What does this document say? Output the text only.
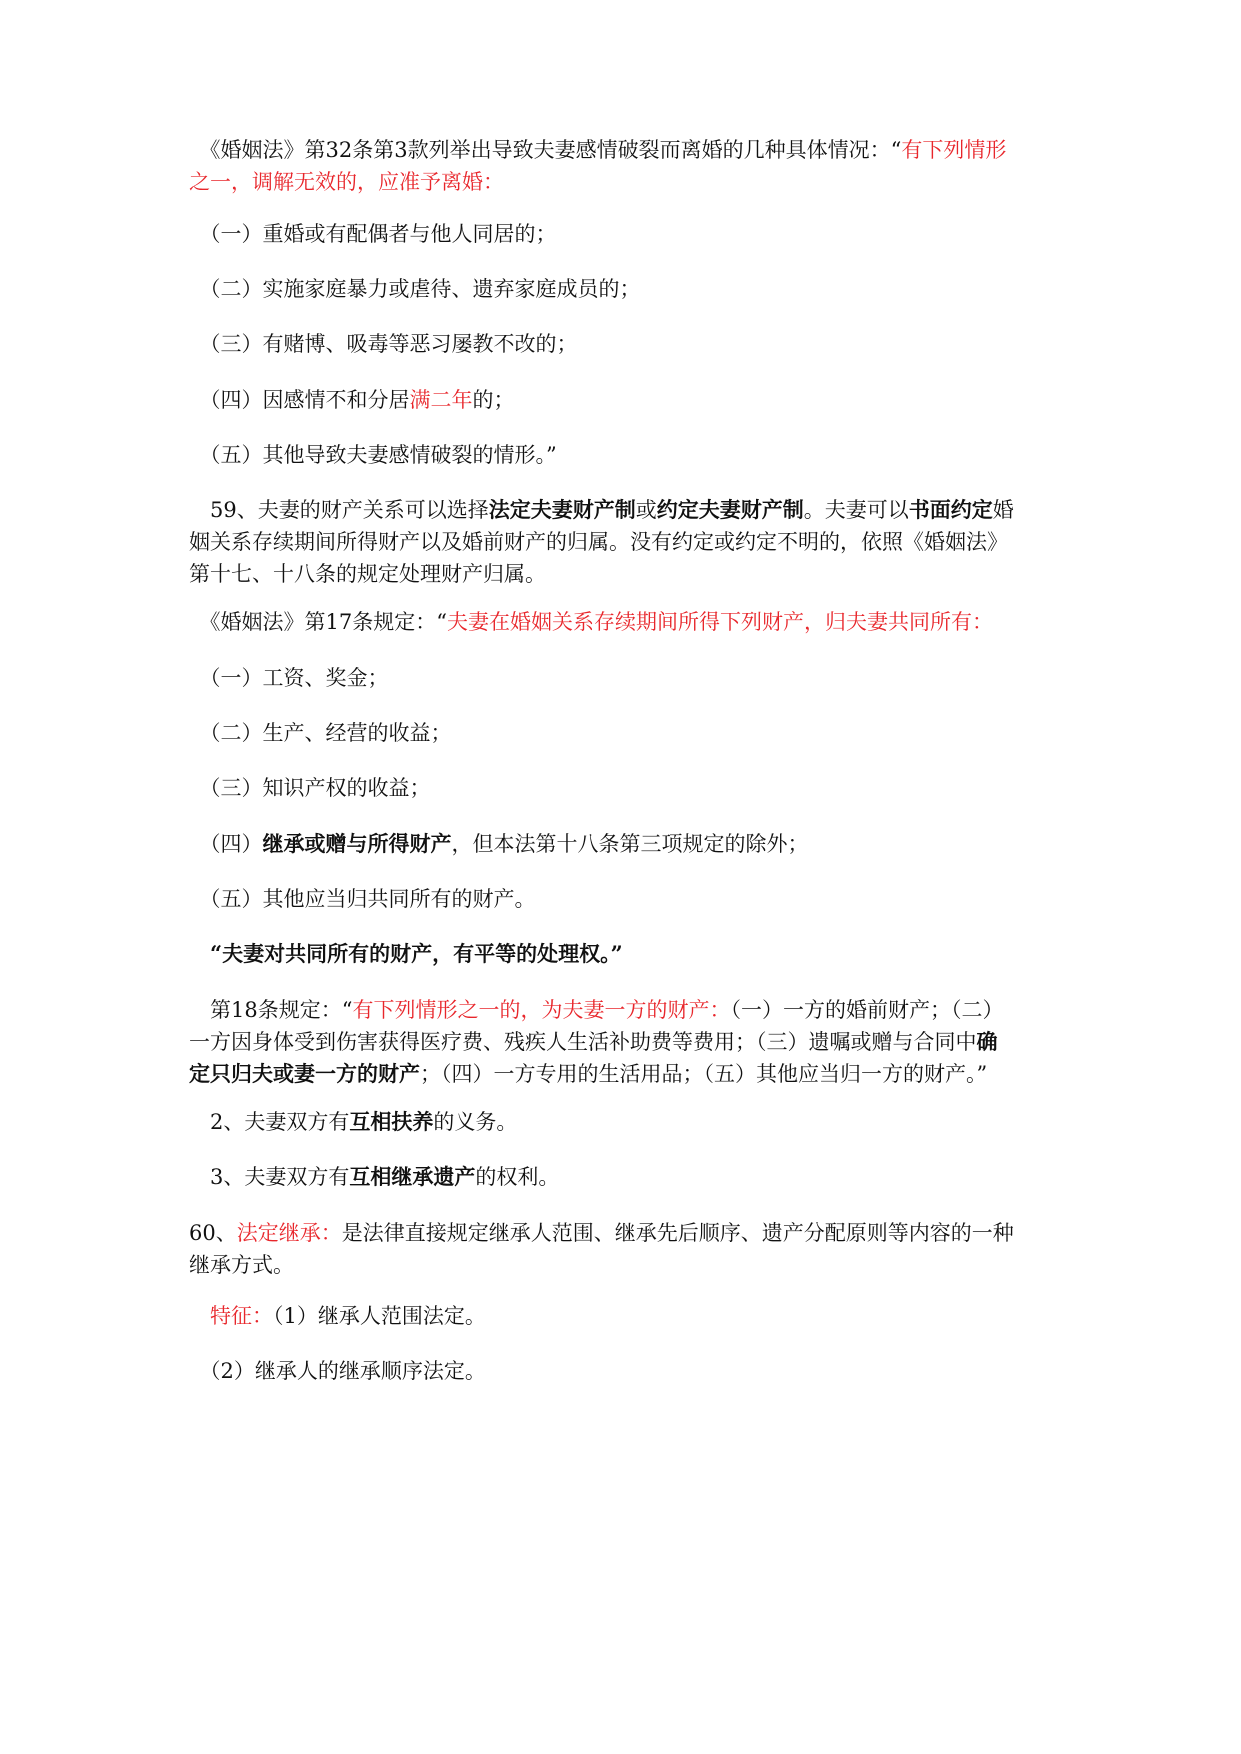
　《婚姻法》第32条第3款列举出导致夫妻感情破裂而离婚的几种具体情况：“有下列情形
之一，调解无效的，应准予离婚：
　（一）重婚或有配偶者与他人同居的；
　（二）实施家庭暴力或虐待、遗弃家庭成员的；
　（三）有赌博、吸毒等恶习屡教不改的；
　（四）因感情不和分居满二年的；
　（五）其他导致夫妻感情破裂的情形。”
　59、夫妻的财产关系可以选择法定夫妻财产制或约定夫妻财产制。夫妻可以书面约定婚
姻关系存续期间所得财产以及婚前财产的归属。没有约定或约定不明的，依照《婚姻法》
第十七、十八条的规定处理财产归属。
　《婚姻法》第17条规定：“夫妻在婚姻关系存续期间所得下列财产，归夫妻共同所有：
　（一）工资、奖金；
　（二）生产、经营的收益；
　（三）知识产权的收益；
　（四）继承或赠与所得财产，但本法第十八条第三项规定的除外；
　（五）其他应当归共同所有的财产。
　“夫妻对共同所有的财产，有平等的处理权。”
　第18条规定：“有下列情形之一的，为夫妻一方的财产：（一）一方的婚前财产；（二）
一方因身体受到伤害获得医疗费、残疾人生活补助费等费用；（三）遗嘱或赠与合同中确
定只归夫或妻一方的财产；（四）一方专用的生活用品；（五）其他应当归一方的财产。”
　2、夫妻双方有互相扶养的义务。
　3、夫妻双方有互相继承遗产的权利。
60、法定继承：是法律直接规定继承人范围、继承先后顺序、遗产分配原则等内容的一种
继承方式。
　特征：（1）继承人范围法定。
　（2）继承人的继承顺序法定。
